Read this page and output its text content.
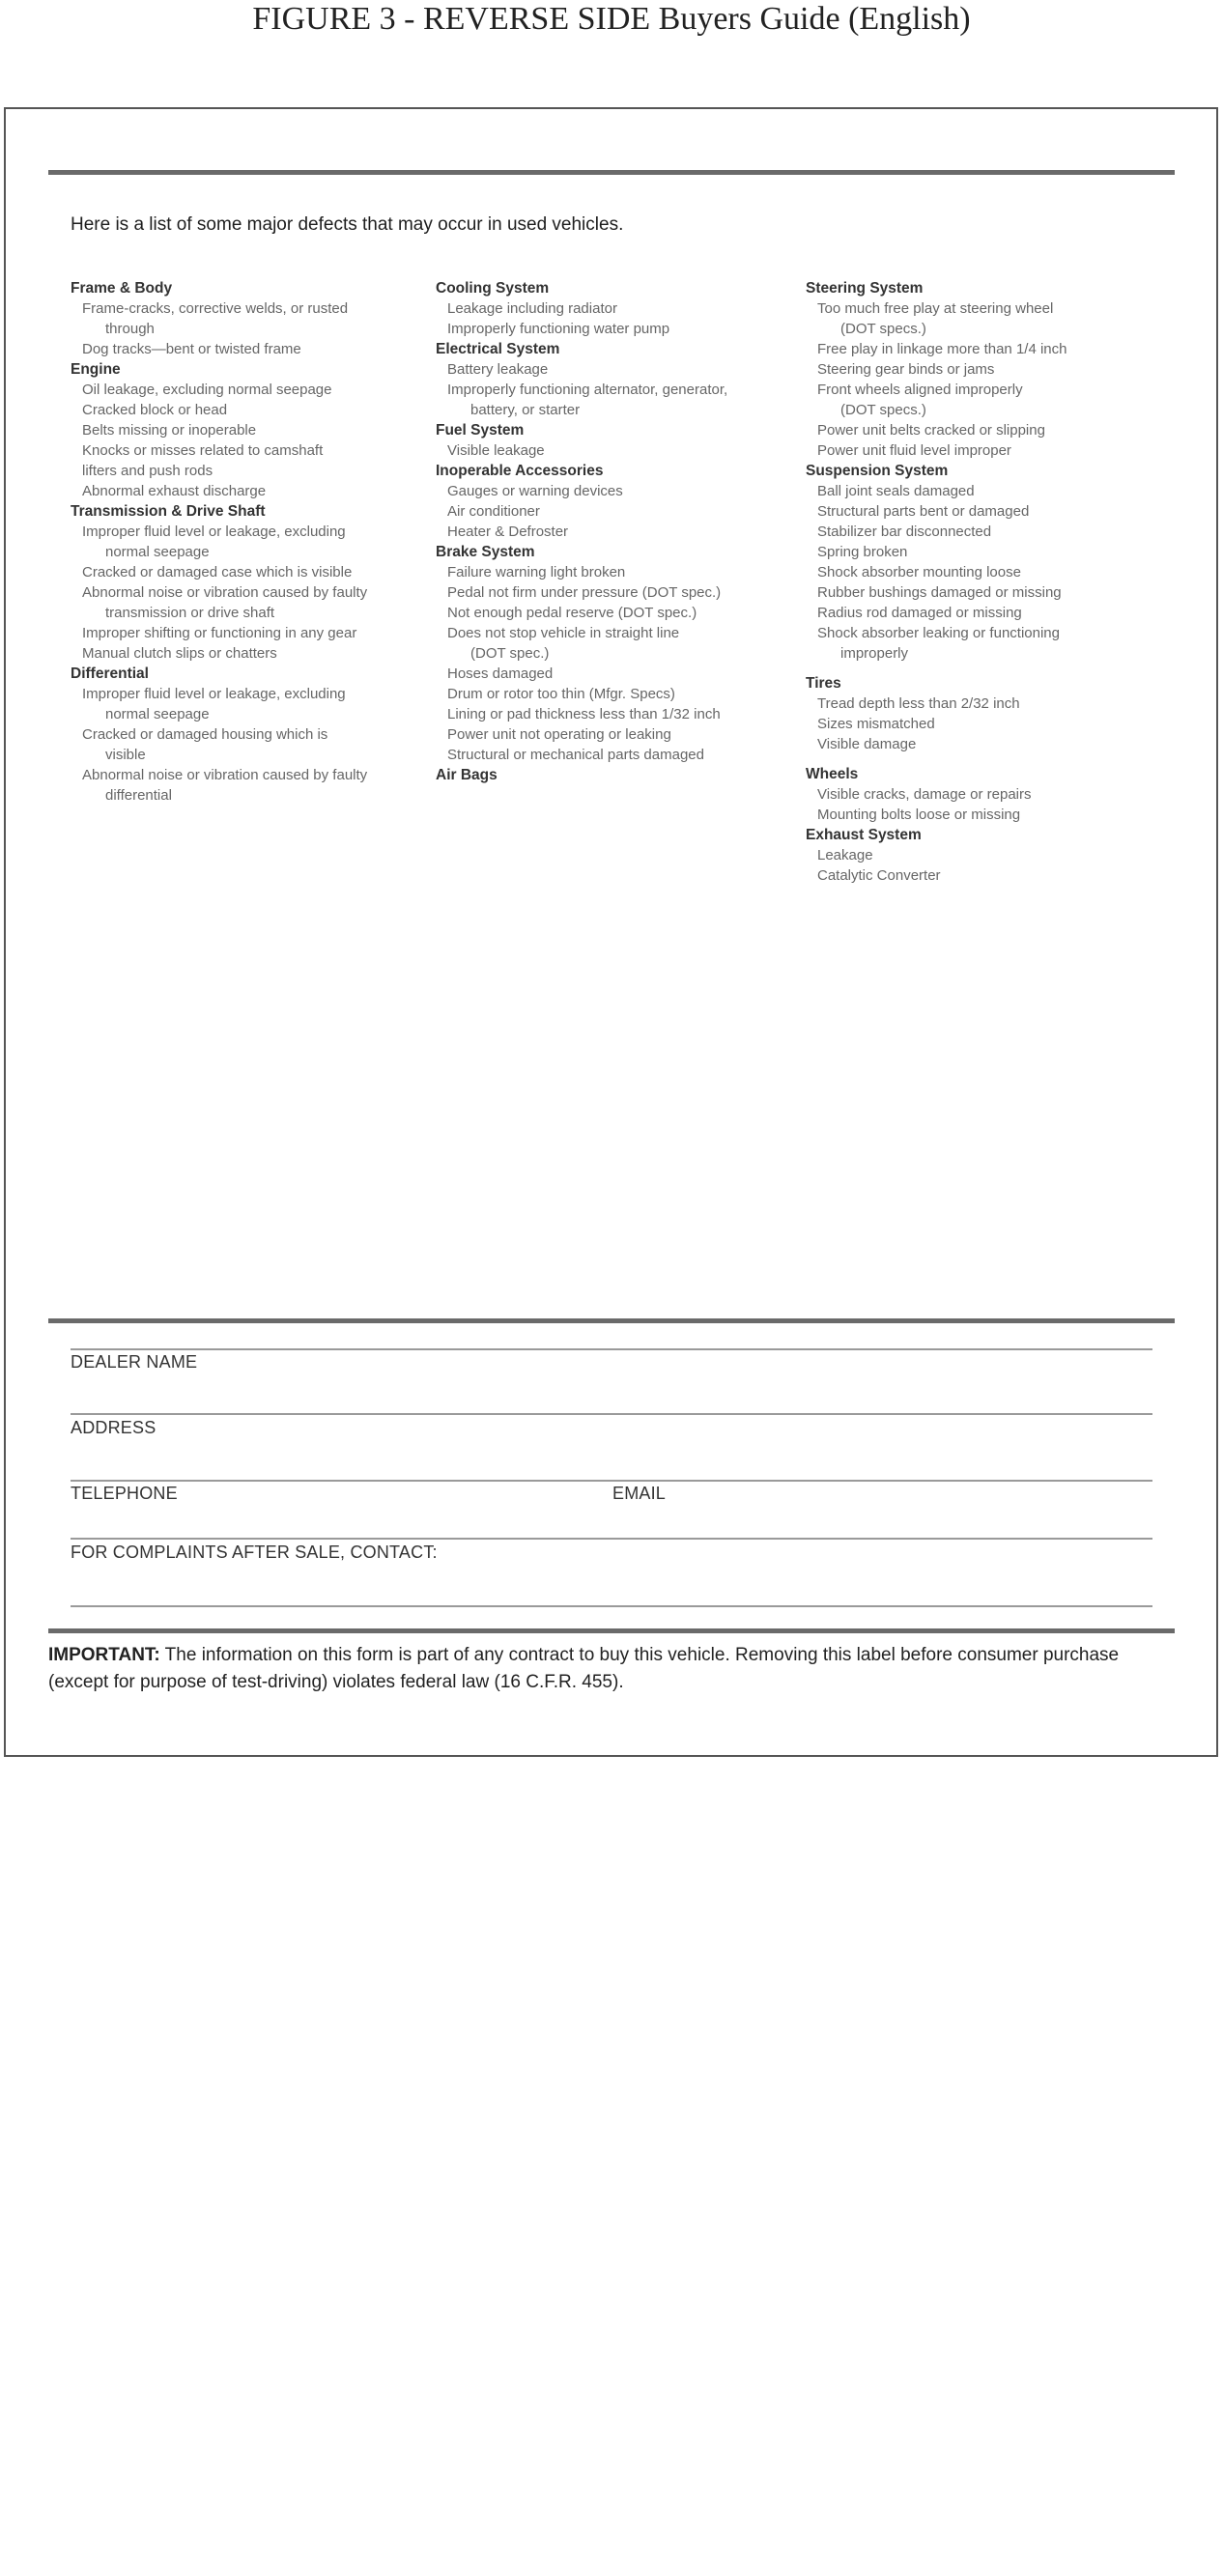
FIGURE 3 - REVERSE SIDE Buyers Guide (English)
Here is a list of some major defects that may occur in used vehicles.
Frame & Body
Frame-cracks, corrective welds, or rusted
through
Dog tracks—bent or twisted frame
Engine
Oil leakage, excluding normal seepage
Cracked block or head
Belts missing or inoperable
Knocks or misses related to camshaft
lifters and push rods
Abnormal exhaust discharge
Transmission & Drive Shaft
Improper fluid level or leakage, excluding
normal seepage
Cracked or damaged case which is visible
Abnormal noise or vibration caused by faulty
transmission or drive shaft
Improper shifting or functioning in any gear
Manual clutch slips or chatters
Differential
Improper fluid level or leakage, excluding
normal seepage
Cracked or damaged housing which is
visible
Abnormal noise or vibration caused by faulty
differential
Cooling System
Leakage including radiator
Improperly functioning water pump
Electrical System
Battery leakage
Improperly functioning alternator, generator,
battery, or starter
Fuel System
Visible leakage
Inoperable Accessories
Gauges or warning devices
Air conditioner
Heater & Defroster
Brake System
Failure warning light broken
Pedal not firm under pressure (DOT spec.)
Not enough pedal reserve (DOT spec.)
Does not stop vehicle in straight line
(DOT spec.)
Hoses damaged
Drum or rotor too thin (Mfgr. Specs)
Lining or pad thickness less than 1/32 inch
Power unit not operating or leaking
Structural or mechanical parts damaged
Air Bags
Steering System
Too much free play at steering wheel
(DOT specs.)
Free play in linkage more than 1/4 inch
Steering gear binds or jams
Front wheels aligned improperly
(DOT specs.)
Power unit belts cracked or slipping
Power unit fluid level improper
Suspension System
Ball joint seals damaged
Structural parts bent or damaged
Stabilizer bar disconnected
Spring broken
Shock absorber mounting loose
Rubber bushings damaged or missing
Radius rod damaged or missing
Shock absorber leaking or functioning
improperly
Tires
Tread depth less than 2/32 inch
Sizes mismatched
Visible damage
Wheels
Visible cracks, damage or repairs
Mounting bolts loose or missing
Exhaust System
Leakage
Catalytic Converter
DEALER NAME
ADDRESS
TELEPHONE	EMAIL
FOR COMPLAINTS AFTER SALE, CONTACT:
IMPORTANT: The information on this form is part of any contract to buy this vehicle. Removing this label before consumer purchase (except for purpose of test-driving) violates federal law (16 C.F.R. 455).
